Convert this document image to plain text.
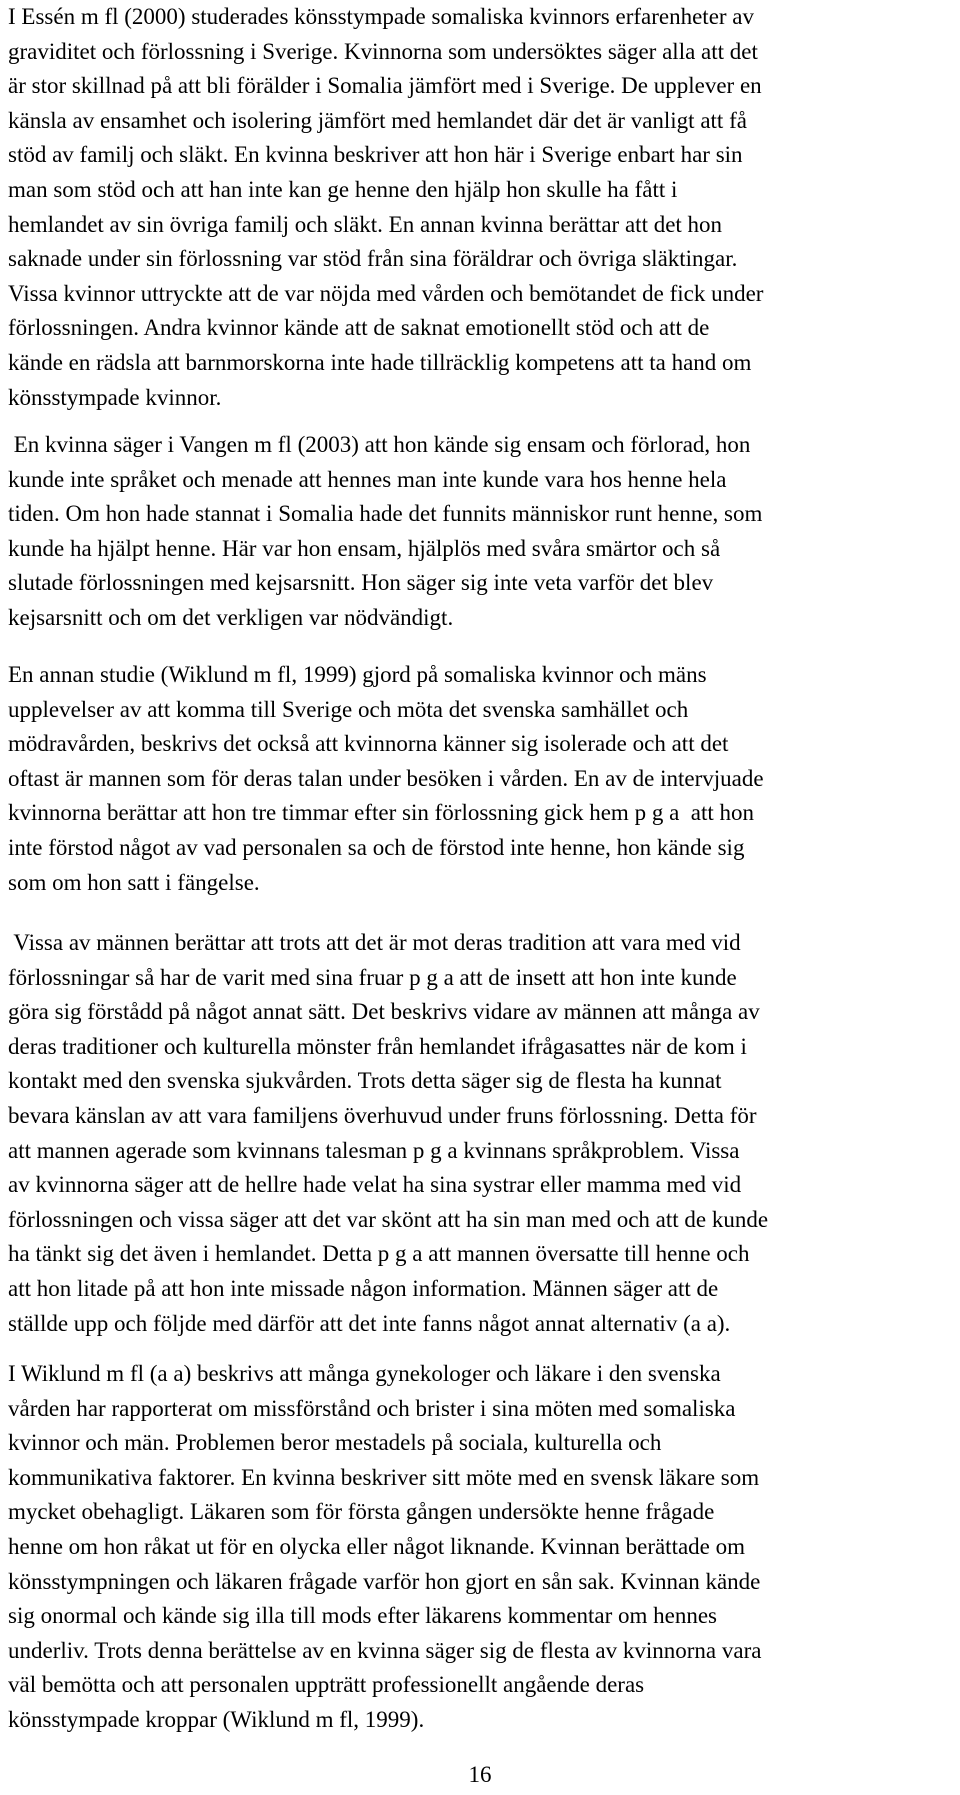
I Essén m fl (2000) studerades könsstympade somaliska kvinnors erfarenheter av
graviditet och förlossning i Sverige. Kvinnorna som undersöktes säger alla att det
är stor skillnad på att bli förälder i Somalia jämfört med i Sverige. De upplever en
känsla av ensamhet och isolering jämfört med hemlandet där det är vanligt att få
stöd av familj och släkt. En kvinna beskriver att hon här i Sverige enbart har sin
man som stöd och att han inte kan ge henne den hjälp hon skulle ha fått i
hemlandet av sin övriga familj och släkt. En annan kvinna berättar att det hon
saknade under sin förlossning var stöd från sina föräldrar och övriga släktingar.
Vissa kvinnor uttryckte att de var nöjda med vården och bemötandet de fick under
förlossningen. Andra kvinnor kände att de saknat emotionellt stöd och att de
kände en rädsla att barnmorskorna inte hade tillräcklig kompetens att ta hand om
könsstympade kvinnor.
En kvinna säger i Vangen m fl (2003) att hon kände sig ensam och förlorad, hon
kunde inte språket och menade att hennes man inte kunde vara hos henne hela
tiden. Om hon hade stannat i Somalia hade det funnits människor runt henne, som
kunde ha hjälpt henne. Här var hon ensam, hjälplös med svåra smärtor och så
slutade förlossningen med kejsarsnitt. Hon säger sig inte veta varför det blev
kejsarsnitt och om det verkligen var nödvändigt.
En annan studie (Wiklund m fl, 1999) gjord på somaliska kvinnor och mäns
upplevelser av att komma till Sverige och möta det svenska samhället och
mödravården, beskrivs det också att kvinnorna känner sig isolerade och att det
oftast är mannen som för deras talan under besöken i vården. En av de intervjuade
kvinnorna berättar att hon tre timmar efter sin förlossning gick hem p g a  att hon
inte förstod något av vad personalen sa och de förstod inte henne, hon kände sig
som om hon satt i fängelse.
Vissa av männen berättar att trots att det är mot deras tradition att vara med vid
förlossningar så har de varit med sina fruar p g a att de insett att hon inte kunde
göra sig förstådd på något annat sätt. Det beskrivs vidare av männen att många av
deras traditioner och kulturella mönster från hemlandet ifrågasattes när de kom i
kontakt med den svenska sjukvården. Trots detta säger sig de flesta ha kunnat
bevara känslan av att vara familjens överhuvud under fruns förlossning. Detta för
att mannen agerade som kvinnans talesman p g a kvinnans språkproblem. Vissa
av kvinnorna säger att de hellre hade velat ha sina systrar eller mamma med vid
förlossningen och vissa säger att det var skönt att ha sin man med och att de kunde
ha tänkt sig det även i hemlandet. Detta p g a att mannen översatte till henne och
att hon litade på att hon inte missade någon information. Männen säger att de
ställde upp och följde med därför att det inte fanns något annat alternativ (a a).
I Wiklund m fl (a a) beskrivs att många gynekologer och läkare i den svenska
vården har rapporterat om missförstånd och brister i sina möten med somaliska
kvinnor och män. Problemen beror mestadels på sociala, kulturella och
kommunikativa faktorer. En kvinna beskriver sitt möte med en svensk läkare som
mycket obehagligt. Läkaren som för första gången undersökte henne frågade
henne om hon råkat ut för en olycka eller något liknande. Kvinnan berättade om
könsstympningen och läkaren frågade varför hon gjort en sån sak. Kvinnan kände
sig onormal och kände sig illa till mods efter läkarens kommentar om hennes
underliv. Trots denna berättelse av en kvinna säger sig de flesta av kvinnorna vara
väl bemötta och att personalen uppträtt professionellt angående deras
könsstympade kroppar (Wiklund m fl, 1999).
16
